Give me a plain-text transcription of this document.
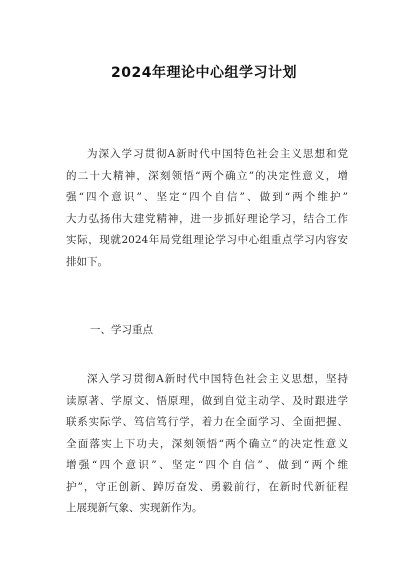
2024年理论中心组学习计划
为深入学习贯彻A新时代中国特色社会主义思想和党
的二十大精神，深刻领悟“两个确立”的决定性意义，增
强“四个意识”、坚定“四个自信”、做到“两个维护”
大力弘扬伟大建党精神，进一步抓好理论学习，结合工作
实际，现就2024年局党组理论学习中心组重点学习内容安
排如下。
一、学习重点
深入学习贯彻A新时代中国特色社会主义思想，坚持
读原著、学原文、悟原理，做到自觉主动学、及时跟进学
联系实际学、笃信笃行学，着力在全面学习、全面把握、
全面落实上下功夫，深刻领悟“两个确立”的决定性意义
增强“四个意识”、坚定“四个自信”、做到“两个维
护”，守正创新、踔厉奋发、勇毅前行，在新时代新征程
上展现新气象、实现新作为。
